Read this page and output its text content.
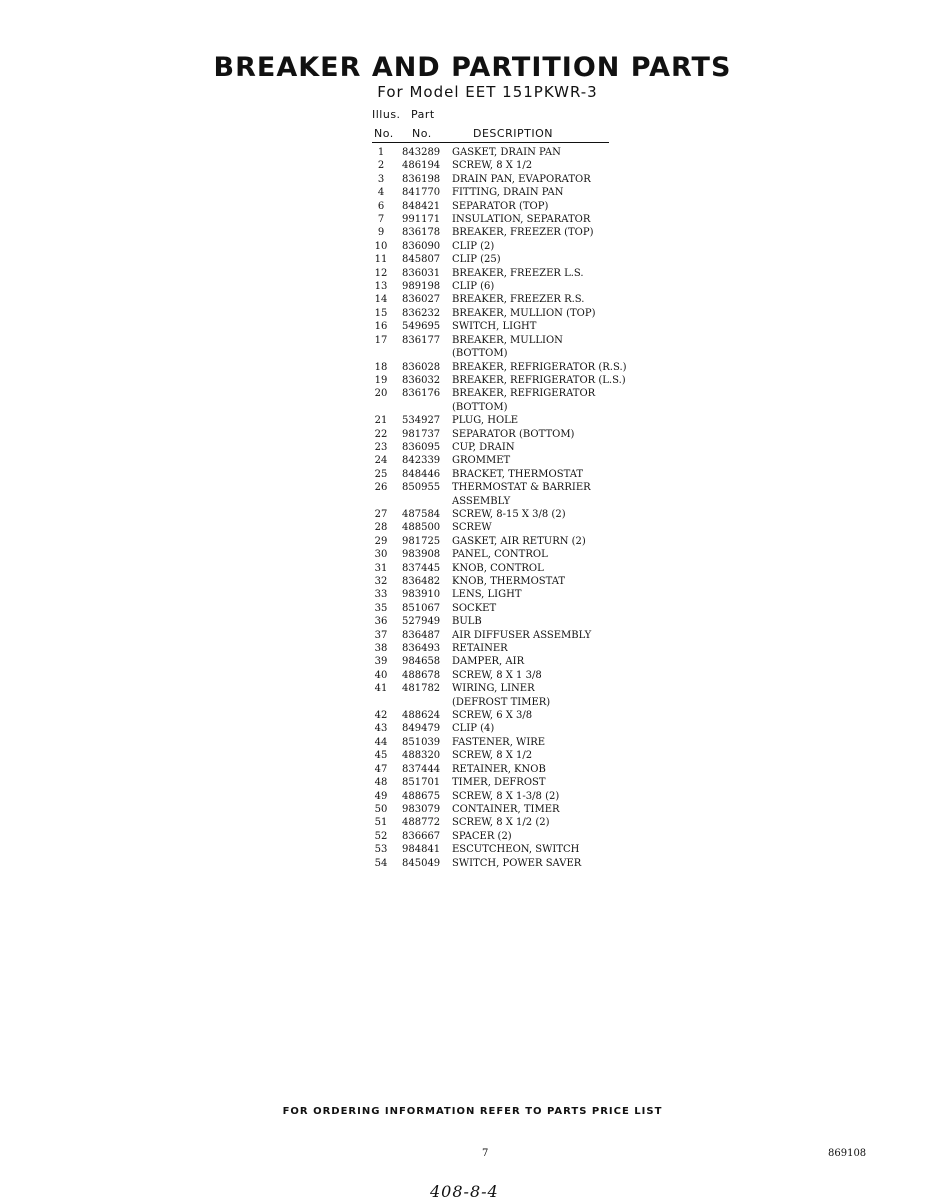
BREAKER AND PARTITION PARTS
For Model EET 151PKWR-3
Illus. Part
No. No.	DESCRIPTION
1	843289	GASKET, DRAIN PAN
2	486194	SCREW, 8 X 1/2
3	836198	DRAIN PAN, EVAPORATOR
4	841770	FITTING, DRAIN PAN
6	848421	SEPARATOR (TOP)
7	991171	INSULATION, SEPARATOR
9	836178	BREAKER, FREEZER (TOP)
10 836090	CLIP (2)
11 845807	CLIP (25)
12 836031	BREAKER, FREEZER L.S.
13 989198	CLIP (6)
14 836027	BREAKER, FREEZER R.S.
15 836232	BREAKER, MULLION (TOP)
16 549695	SWITCH, LIGHT
17 836177	BREAKER, MULLION
(BOTTOM)
18 836028	BREAKER, REFRIGERATOR (R.S.)
19 836032	BREAKER, REFRIGERATOR (L.S.)
20 836176	BREAKER, REFRIGERATOR
(BOTTOM)
21 534927	PLUG, HOLE
22 981737	SEPARATOR (BOTTOM)
23 836095	CUP, DRAIN
24 842339	GROMMET
25 848446	BRACKET, THERMOSTAT
26 850955	THERMOSTAT & BARRIER
ASSEMBLY
27 487584	SCREW, 8-15 X 3/8 (2)
28 488500	SCREW
29 981725	GASKET, AIR RETURN (2)
30 983908	PANEL, CONTROL
31 837445	KNOB, CONTROL
32 836482	KNOB, THERMOSTAT
33 983910	LENS, LIGHT
35 851067	SOCKET
36 527949	BULB
37 836487	AIR DIFFUSER ASSEMBLY
38 836493	RETAINER
39 984658	DAMPER, AIR
40 488678	SCREW, 8 X 1 3/8
41 481782	WIRING, LINER
(DEFROST TIMER)
42 488624	SCREW, 6 X 3/8
43 849479	CLIP (4)
44 851039	FASTENER, WIRE
45 488320	SCREW, 8 X 1/2
47 837444	RETAINER, KNOB
48 851701	TIMER, DEFROST
49 488675	SCREW, 8 X 1-3/8 (2)
50 983079	CONTAINER, TIMER
51 488772	SCREW, 8 X 1/2 (2)
52 836667	SPACER (2)
53 984841	ESCUTCHEON, SWITCH
54 845049	SWITCH, POWER SAVER
FOR ORDERING INFORMATION REFER TO PARTS PRICE LIST
7	869108
408-8-4
